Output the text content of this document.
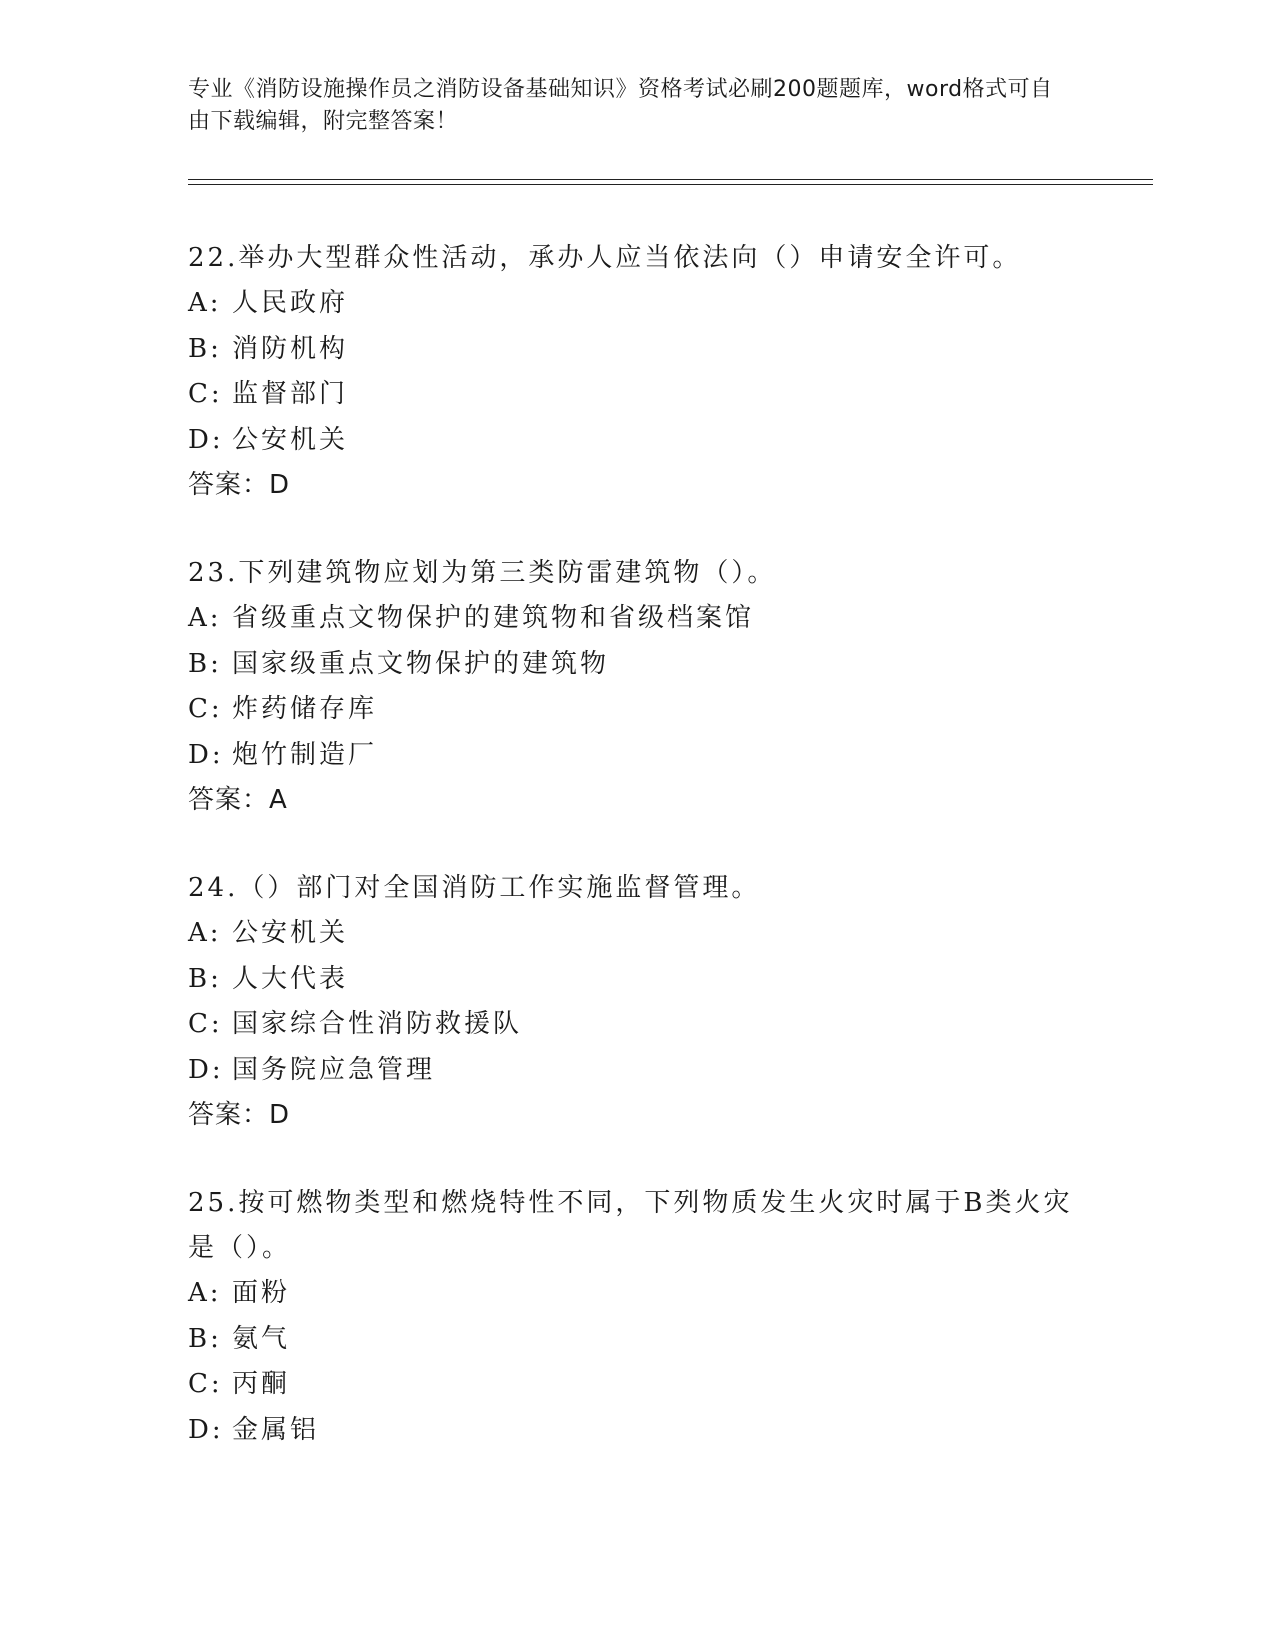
专业《消防设施操作员之消防设备基础知识》资格考试必刷200题题库，word格式可自由下载编辑，附完整答案！

22.举办大型群众性活动，承办人应当依法向（）申请安全许可。

A: 人民政府

B: 消防机构

C: 监督部门

D: 公安机关

答案：D

23.下列建筑物应划为第三类防雷建筑物（）。

A: 省级重点文物保护的建筑物和省级档案馆

B: 国家级重点文物保护的建筑物

C: 炸药储存库

D: 炮竹制造厂

答案：A

24.（）部门对全国消防工作实施监督管理。

A: 公安机关

B: 人大代表

C: 国家综合性消防救援队

D: 国务院应急管理

答案：D

25.按可燃物类型和燃烧特性不同，下列物质发生火灾时属于B类火灾是（）。

A: 面粉

B: 氨气

C: 丙酮

D: 金属铝
